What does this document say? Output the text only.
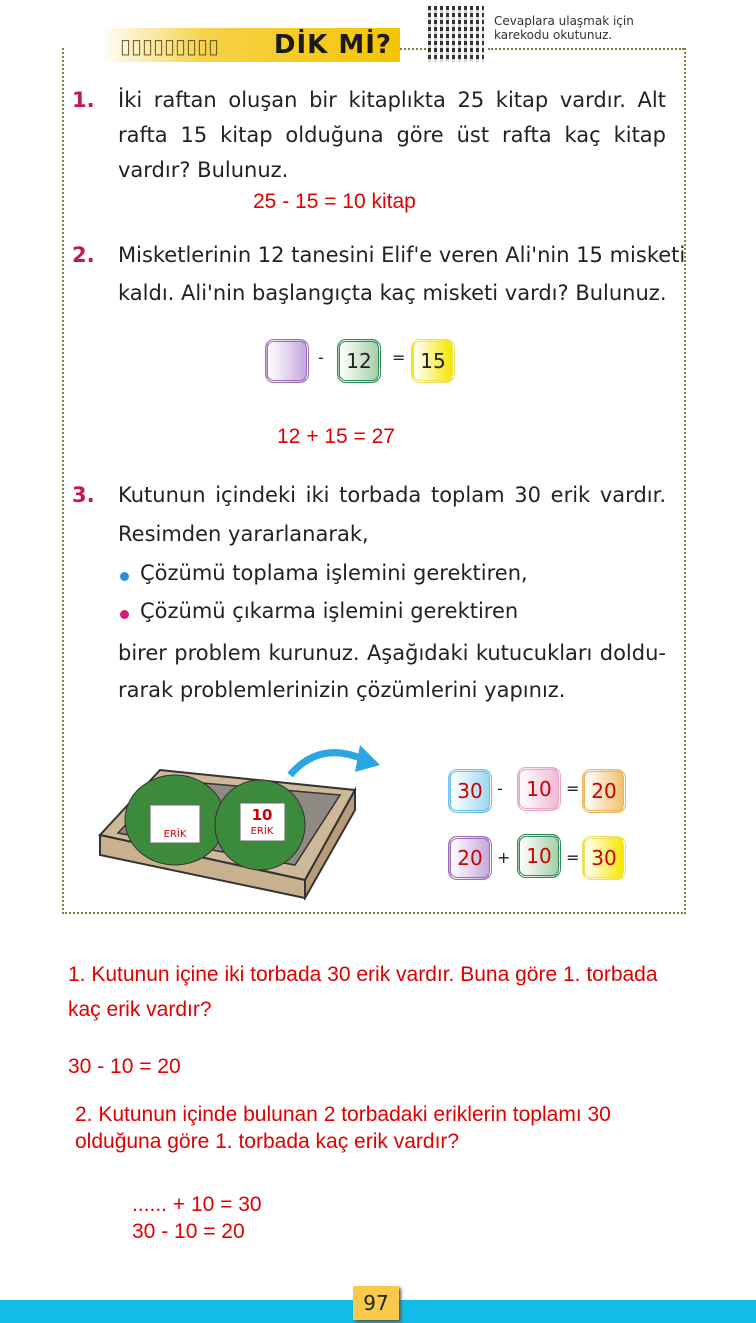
▯▯▯▯▯▯▯▯▯ DİK Mİ?
Cevaplara ulaşmak için
karekodu okutunuz.
1. İki raftan oluşan bir kitaplıkta 25 kitap vardır. Alt
rafta 15 kitap olduğuna göre üst rafta kaç kitap
vardır? Bulunuz.
25 - 15 = 10 kitap
2. Misketlerinin 12 tanesini Elif'e veren Ali'nin 15 misketi
kaldı. Ali'nin başlangıçta kaç misketi vardı? Bulunuz.
-	12	= 15
12 + 15 = 27
3. Kutunun içindeki iki torbada toplam 30 erik vardır.
Resimden yararlanarak,
Çözümü toplama işlemini gerektiren,
Çözümü çıkarma işlemini gerektiren
birer problem kurunuz. Aşağıdaki kutucukları doldu-
rarak problemlerinizin çözümlerini yapınız.
ERİK
10
ERİK
30 -	10 = 20
20 + 10 = 30
1. Kutunun içine iki torbada 30 erik vardır. Buna göre 1. torbada
kaç erik vardır?
30 - 10 = 20
2. Kutunun içinde bulunan 2 torbadaki eriklerin toplamı 30
olduğuna göre 1. torbada kaç erik vardır?
...... + 10 = 30
30 - 10 = 20
97
